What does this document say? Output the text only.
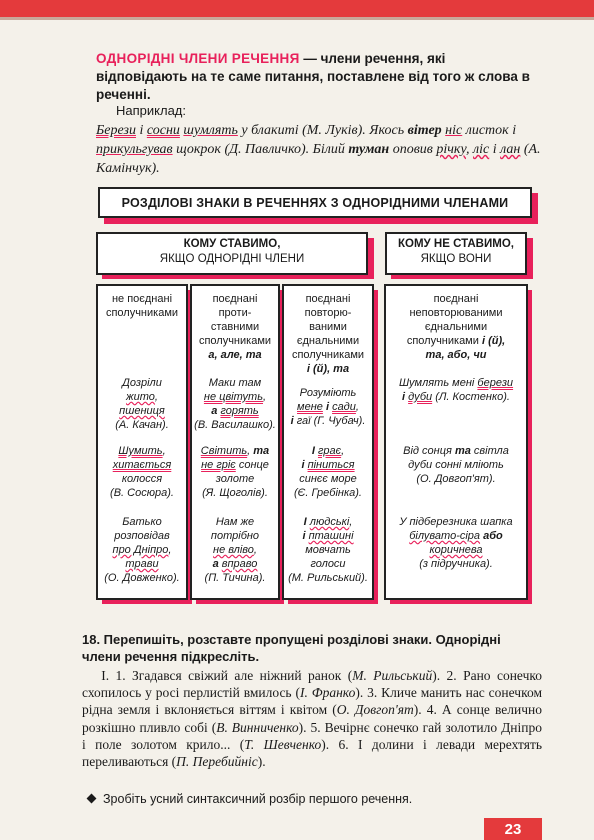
ОДНОРІДНІ ЧЛЕНИ РЕЧЕННЯ — члени речення, які відповідають на те саме питання, поставлене від того ж слова в реченні.
Наприклад:
Берези і сосни шумлять у блакиті (М. Луків). Якось вітер ніс листок і прикульгував щокрок (Д. Павличко). Білий туман оповив річку, ліс і лан (А. Камінчук).
РОЗДІЛОВІ ЗНАКИ В РЕЧЕННЯХ З ОДНОРІДНИМИ ЧЛЕНАМИ
КОМУ СТАВИМО,
ЯКЩО ОДНОРІДНІ ЧЛЕНИ
КОМУ НЕ СТАВИМО,
ЯКЩО ВОНИ
не поєднані
сполучниками
Дозріли
жито,
пшениця
(А. Качан).
Шумить,
хитається
колосся
(В. Сосюра).
Батько
розповідав
про Дніпро,
трави
(О. Довженко).
поєднані
проти-
ставними
сполучниками
а, але, та
Маки там
не цвітуть,
а горять
(В. Василашко).
Світить, та
не гріє сонце
золоте
(Я. Щоголів).
Нам же
потрібно
не вліво,
а вправо
(П. Тичина).
поєднані
повторю-
ваними
єднальними
сполучниками
і (й), та
Розуміють
мене і сади,
і гаї (Г. Чубач).
І грає,
і піниться
синєє море
(Є. Гребінка).
І людські,
і пташині
мовчать
голоси
(М. Рильський).
поєднані
неповторюваними
єднальними
сполучниками і (й),
та, або, чи
Шумлять мені берези
і дуби (Л. Костенко).
Від сонця та світла
дуби сонні мліють
(О. Довгоп'ят).
У підберезника шапка
білувато-сіра або
коричнева
(з підручника).
18. Перепишіть, розставте пропущені розділові знаки. Однорідні члени речення підкресліть.
І. 1. Згадався свіжий але ніжний ранок (М. Рильський). 2. Рано сонечко схопилось у росі перлистій вмилось (І. Франко). 3. Кличе манить нас сонечком рідна земля і вклоняється віттям і квітом (О. Довгоп'ят). 4. А сонце велично розкішно пливло собі (В. Винниченко). 5. Вечірнє сонечко гай золотило Дніпро і поле золотом крило... (Т. Шевченко). 6. І долини і левади мерехтять переливаються (П. Перебийніс).
Зробіть усний синтаксичний розбір першого речення.
23
